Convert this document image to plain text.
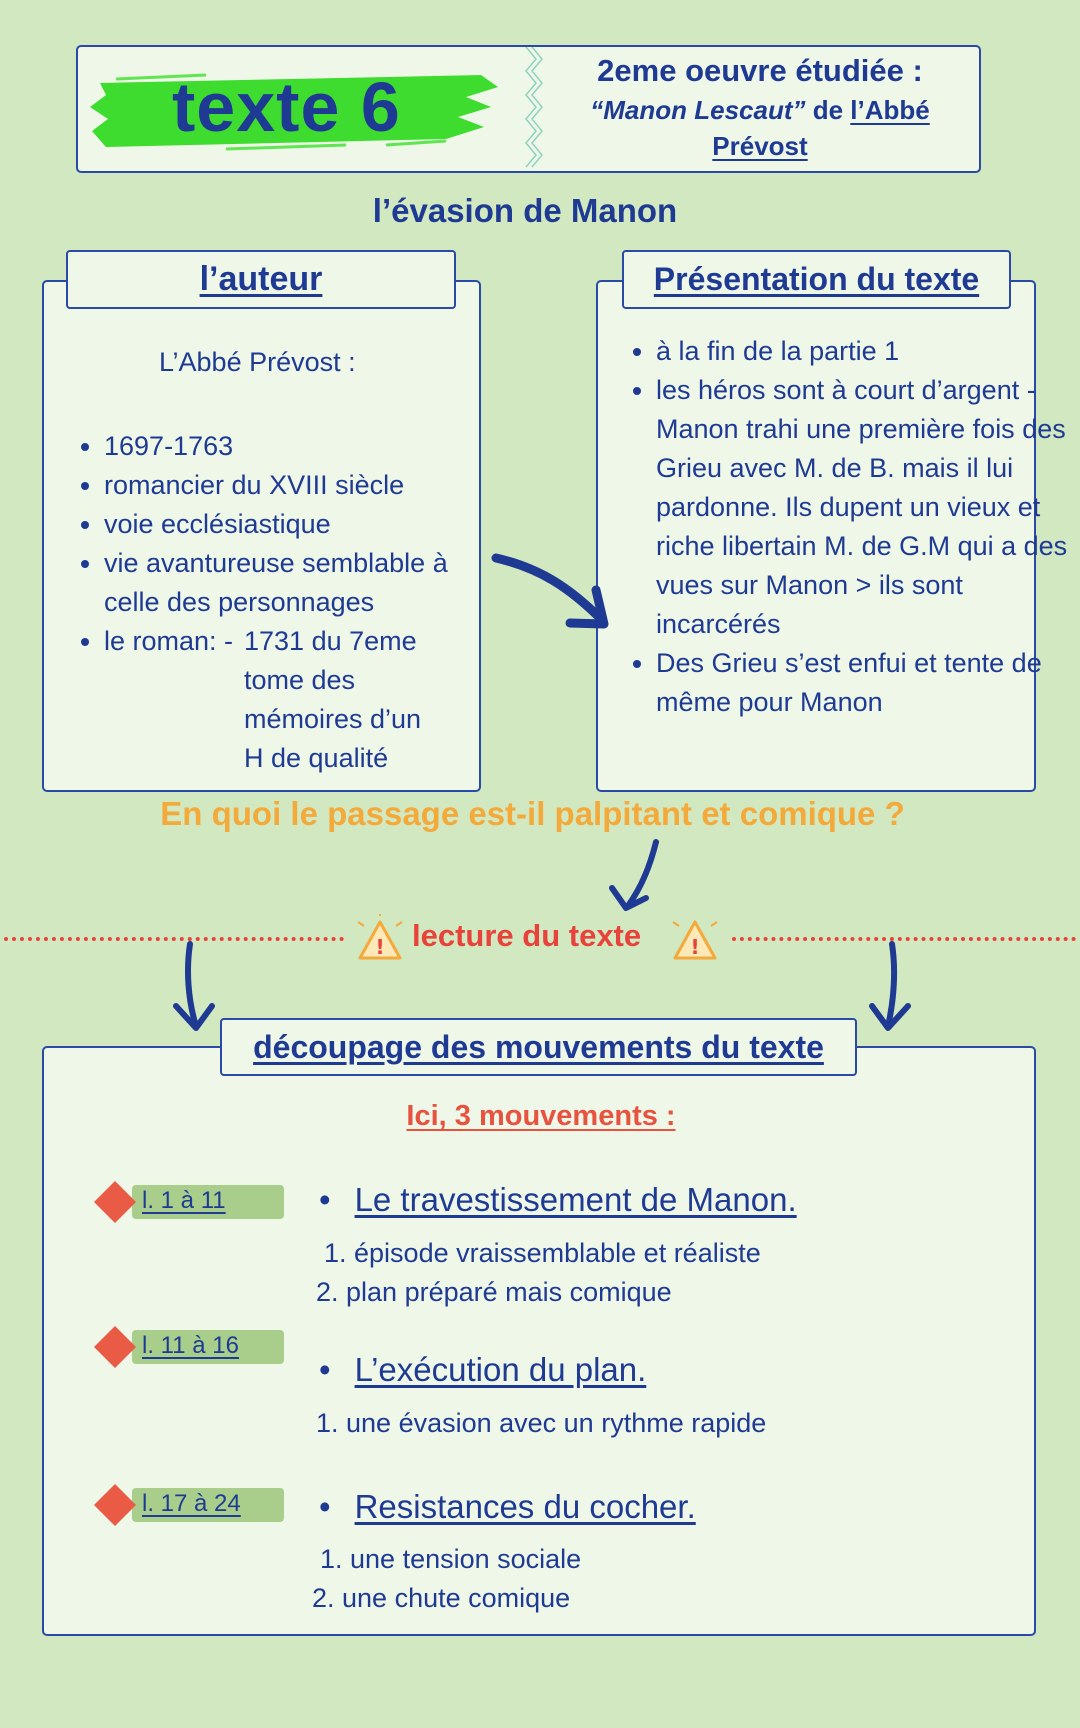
texte 6	2eme oeuvre étudiée :
“Manon Lescaut” de l’Abbé
Prévost
l’évasion de Manon
L’Abbé Prévost :
• 1697-1763
• romancier du XVIII siècle
• voie ecclésiastique
• vie avantureuse semblable à celle des personnages
• le roman: - 1731 du 7eme tome des mémoires d’un H de qualité
l’auteur
• à la fin de la partie 1
• les héros sont à court d’argent - Manon trahi une première fois des Grieu avec M. de B. mais il lui pardonne. Ils dupent un vieux et riche libertain M. de G.M qui a des vues sur Manon > ils sont incarcérés
• Des Grieu s’est enfui et tente de même pour Manon
Présentation du texte
En quoi le passage est-il palpitant et comique ?
! lecture du texte !
Ici, 3 mouvements :
l. 1 à 11	• Le travestissement de Manon.
1. épisode vraissemblable et réaliste
2. plan préparé mais comique
l. 11 à 16
• L’exécution du plan.
1. une évasion avec un rythme rapide
l. 17 à 24 • Resistances du cocher.
1. une tension sociale
2. une chute comique
découpage des mouvements du texte
